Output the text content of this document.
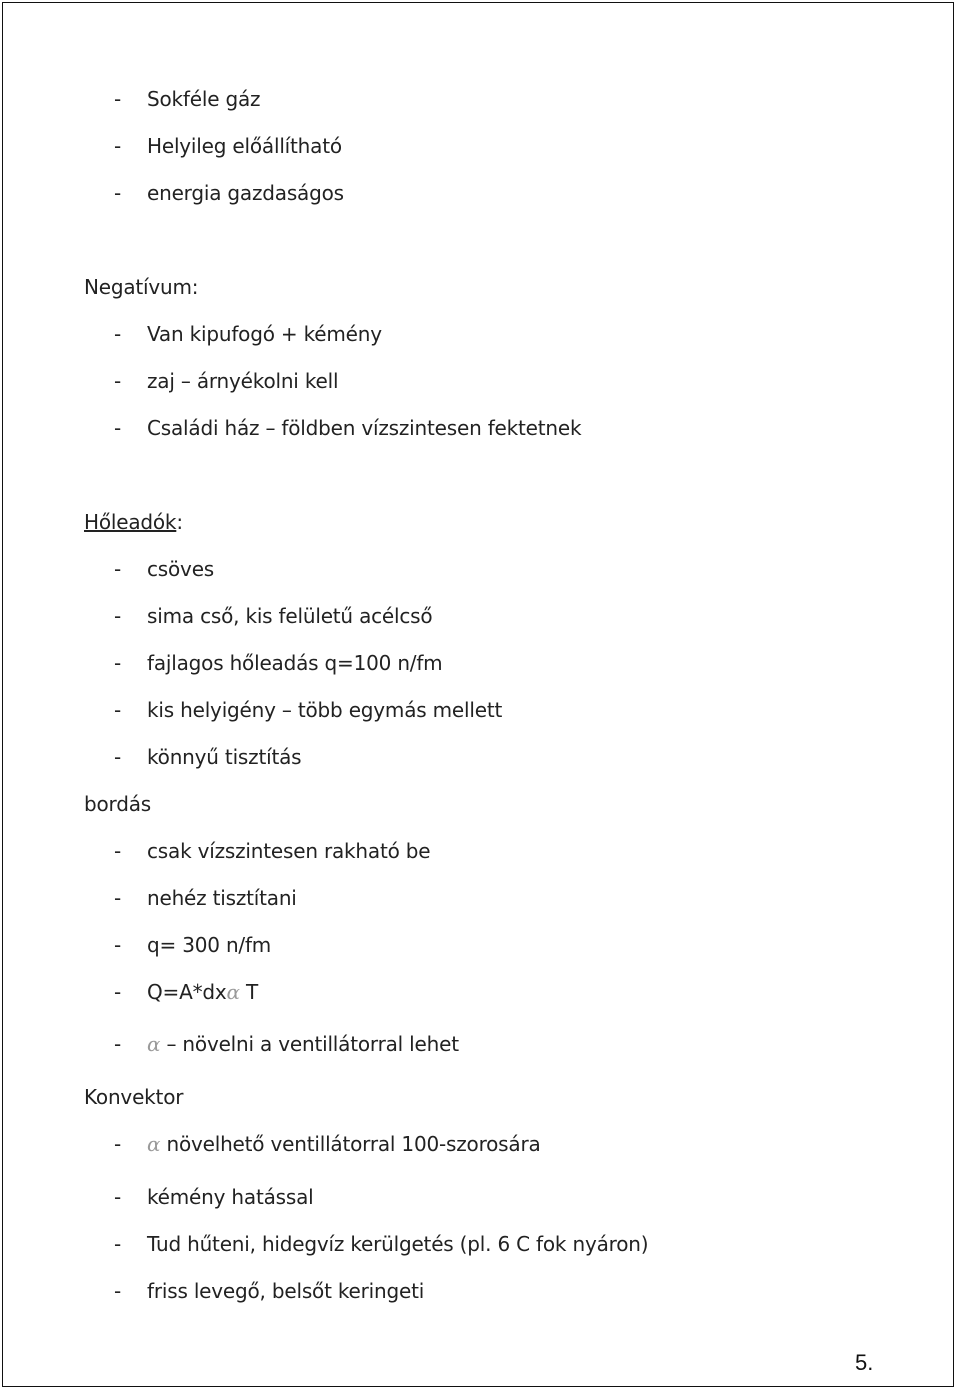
- Sokféle gáz
- Helyileg előállítható
- energia gazdaságos
Negatívum:
- Van kipufogó + kémény
- zaj – árnyékolni kell
- Családi ház – földben vízszintesen fektetnek
Hőleadók:
- csöves
- sima cső, kis felületű acélcső
- fajlagos hőleadás q=100 n/fm
- kis helyigény – több egymás mellett
- könnyű tisztítás
bordás
- csak vízszintesen rakható be
- nehéz tisztítani
- q= 300 n/fm
- Q=A*dxα T
- α – növelni a ventillátorral lehet
Konvektor
- α növelhető ventillátorral 100-szorosára
- kémény hatással
- Tud hűteni, hidegvíz kerülgetés (pl. 6 C fok nyáron)
- friss levegő, belsőt keringeti
5.
